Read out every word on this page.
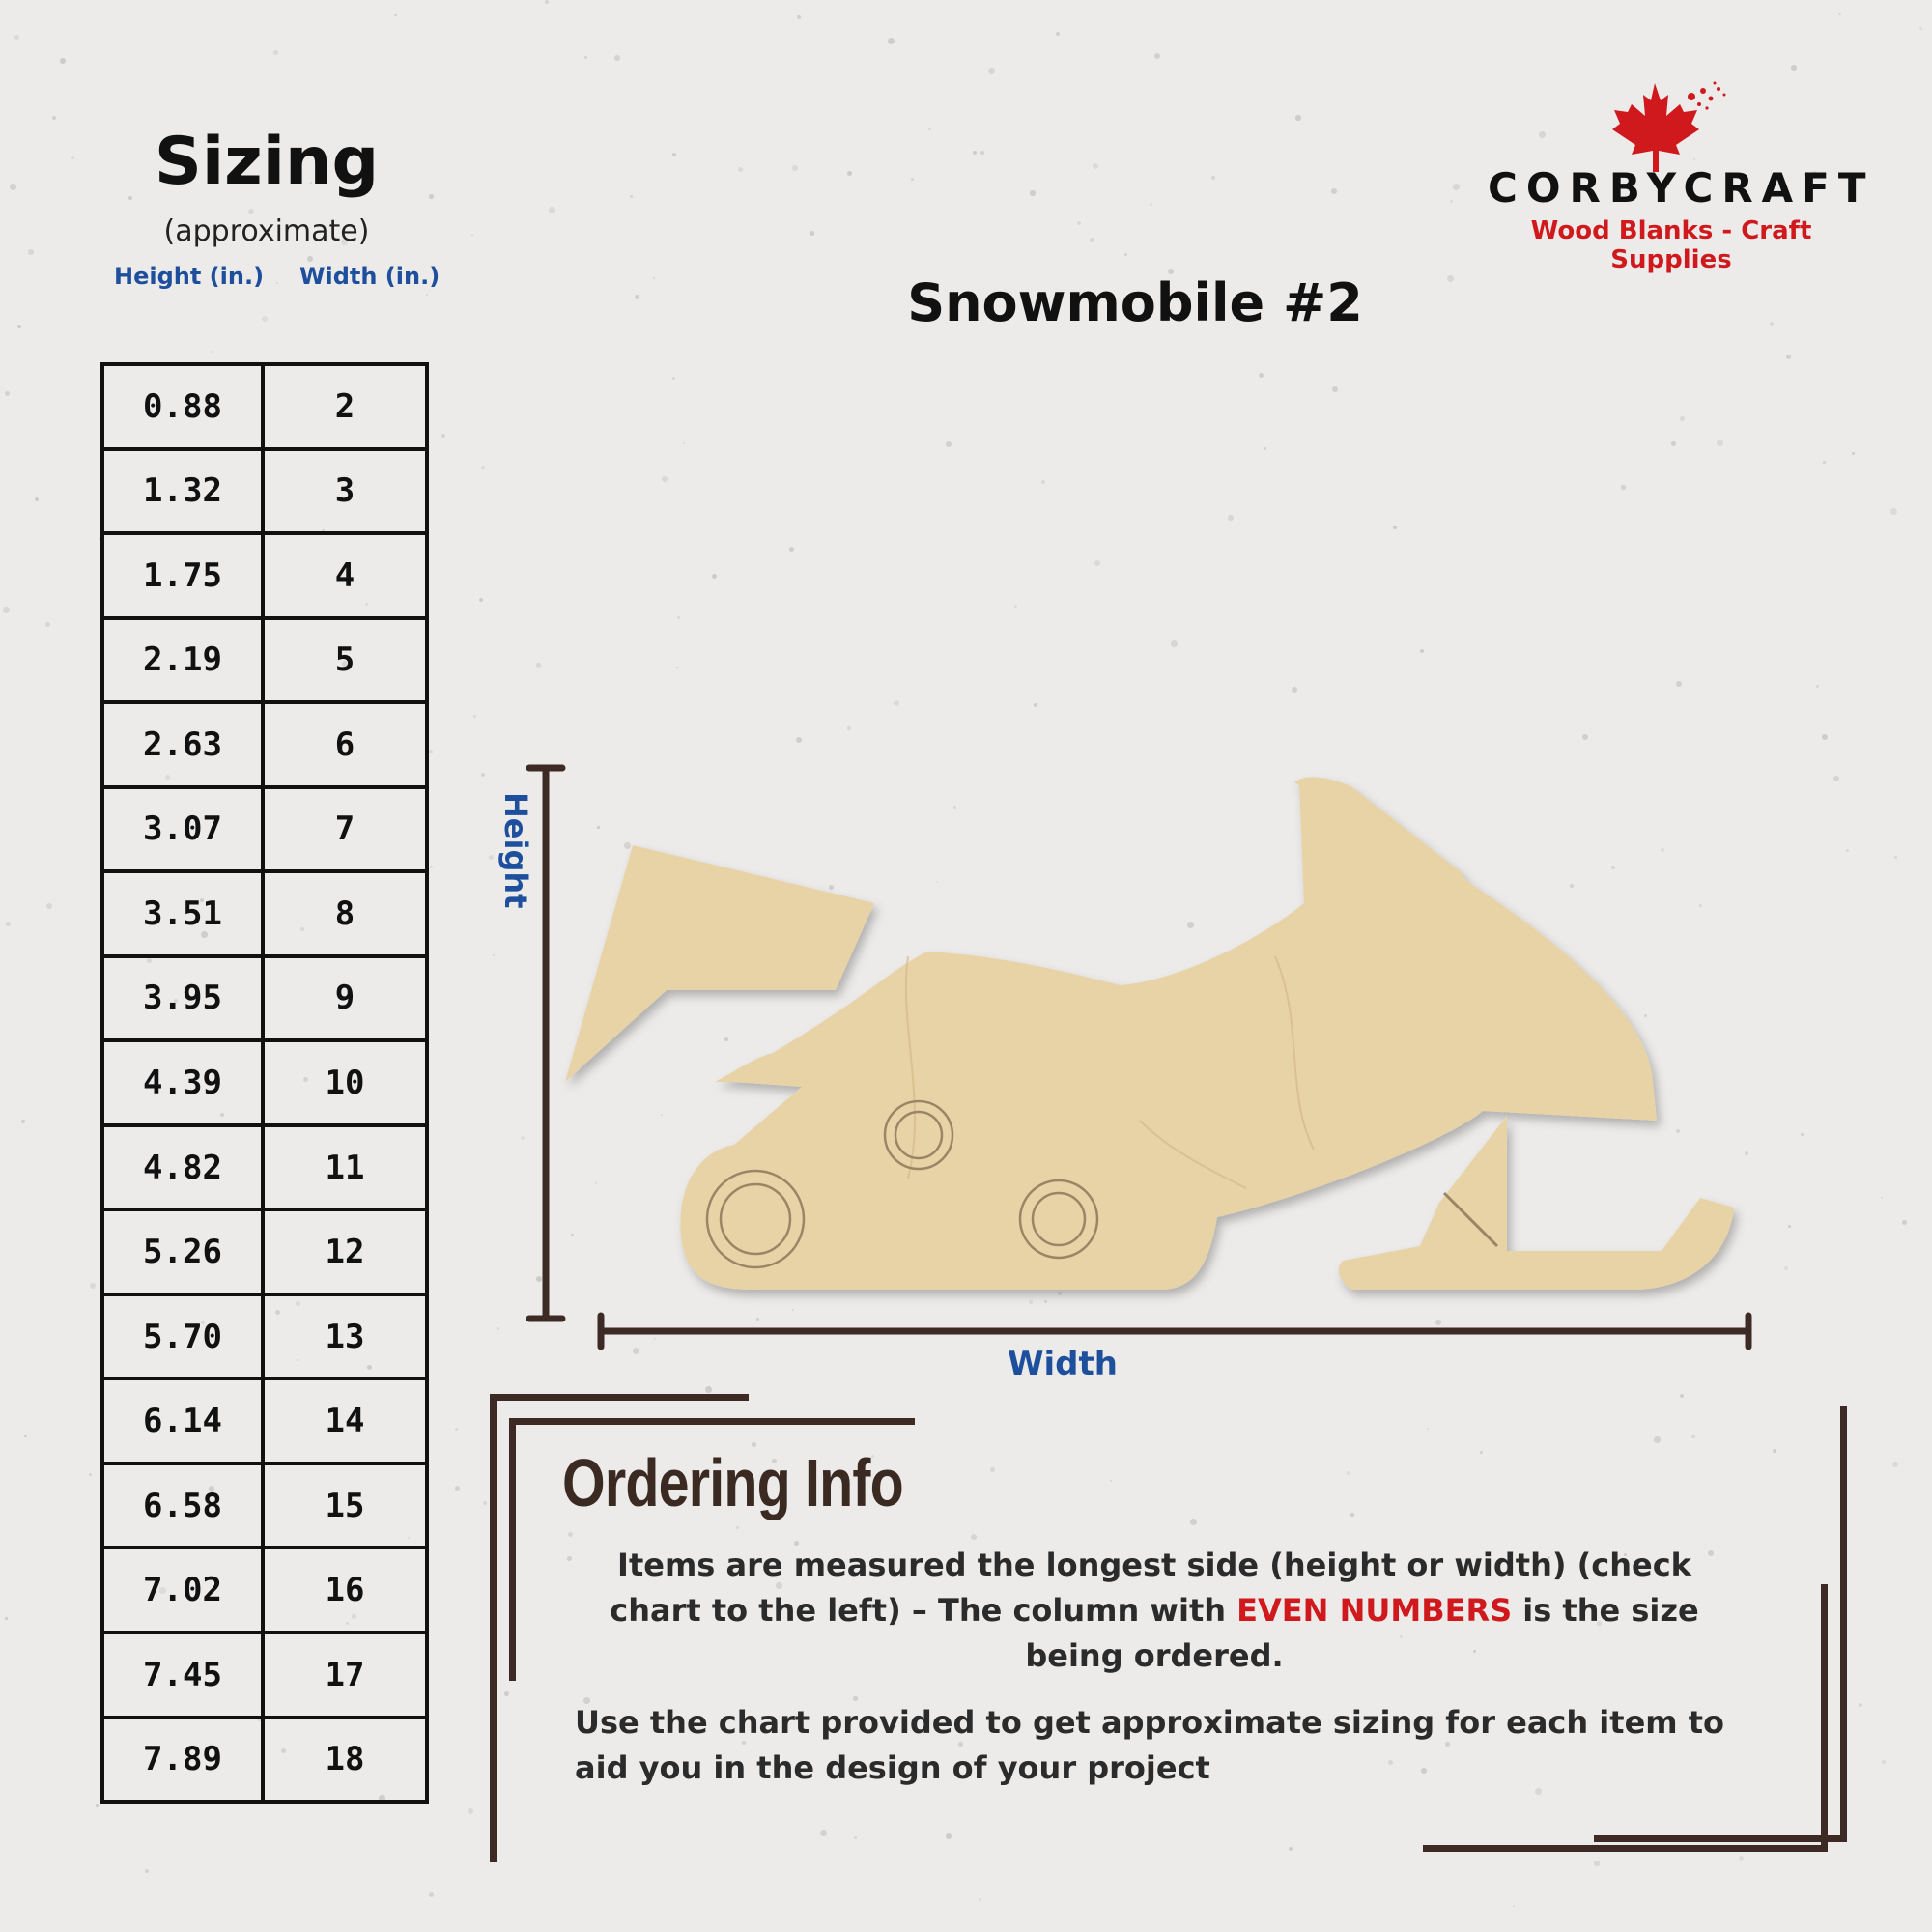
Sizing
(approximate)
Height (in.) Width (in.)
0.88	2
1.32	3
1.75	4
2.19	5
2.63	6
3.07	7
3.51	8
3.95	9
4.39	10
4.82	11
5.26	12
5.70	13
6.14	14
6.58	15
7.02	16
7.45	17
7.89	18
CORBYCRAFT
Wood Blanks - Craft Supplies
Snowmobile #2
Height
Width
Ordering Info
Items are measured the longest side (height or width) (check chart to the left) – The column with EVEN NUMBERS is the size being ordered.
Use the chart provided to get approximate sizing for each item to aid you in the design of your project
